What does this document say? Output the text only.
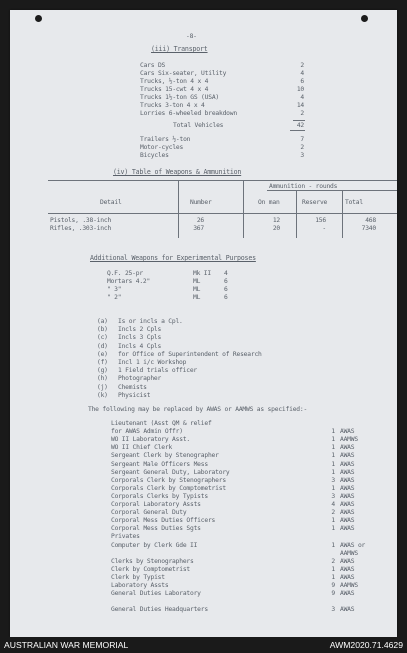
-8-
(iii) Transport
Cars DS	2
Cars Six-seater, Utility	4
Trucks, ½-ton 4 x 4	6
Trucks 15-cwt 4 x 4	10
Trucks 1½-ton GS (USA)	4
Trucks 3-ton 4 x 4	14
Lorries 6-wheeled breakdown	2
Total Vehicles	42
Trailers ½-ton	7
Motor-cycles	2
Bicycles	3
(iv) Table of Weapons & Ammunition
Ammunition - rounds
Detail	Number	On man	Reserve	Total
Pistols, .38-inch	26	12	156	468
Rifles, .303-inch	367	20	-	7340
Additional Weapons for Experimental Purposes
Q.F. 25-pr	Mk II 4
Mortars 4.2"	ML	6
" 3"	ML	6
" 2"	ML	6
(a) Is or incls a Cpl.
(b) Incls 2 Cpls
(c) Incls 3 Cpls
(d) Incls 4 Cpls
(e) for Office of Superintendent of Research
(f) Incl 1 i/c Workshop
(g) 1 Field trials officer
(h) Photographer
(j) Chemists
(k) Physicist
The following may be replaced by AWAS or AAMWS as specified:-
Lieutenant (Asst QM & relief
for AWAS Admin Offr)	1 AWAS
WO II Laboratory Asst.	1 AAMWS
WO II Chief Clerk	1 AWAS
Sergeant Clerk by Stenographer	1 AWAS
Sergeant Male Officers Mess	1 AWAS
Sergeant General Duty, Laboratory	1 AWAS
Corporals Clerk by Stenographers	3 AWAS
Corporals Clerk by Comptometrist	1 AWAS
Corporals Clerks by Typists	3 AWAS
Corporal Laboratory Assts	4 AWAS
Corporal General Duty	2 AWAS
Corporal Mess Duties Officers	1 AWAS
Corporal Mess Duties Sgts	1 AWAS
Privates
Computer by Clerk Gde II	1 AWAS or
AAMWS
Clerks by Stenographers	2 AWAS
Clerk by Comptometrist	1 AWAS
Clerk by Typist	1 AWAS
Laboratory Assts	9 AAMWS
General Duties Laboratory	9 AWAS
General Duties Headquarters	3 AWAS
AUSTRALIAN WAR MEMORIAL	AWM2020.71.4629
